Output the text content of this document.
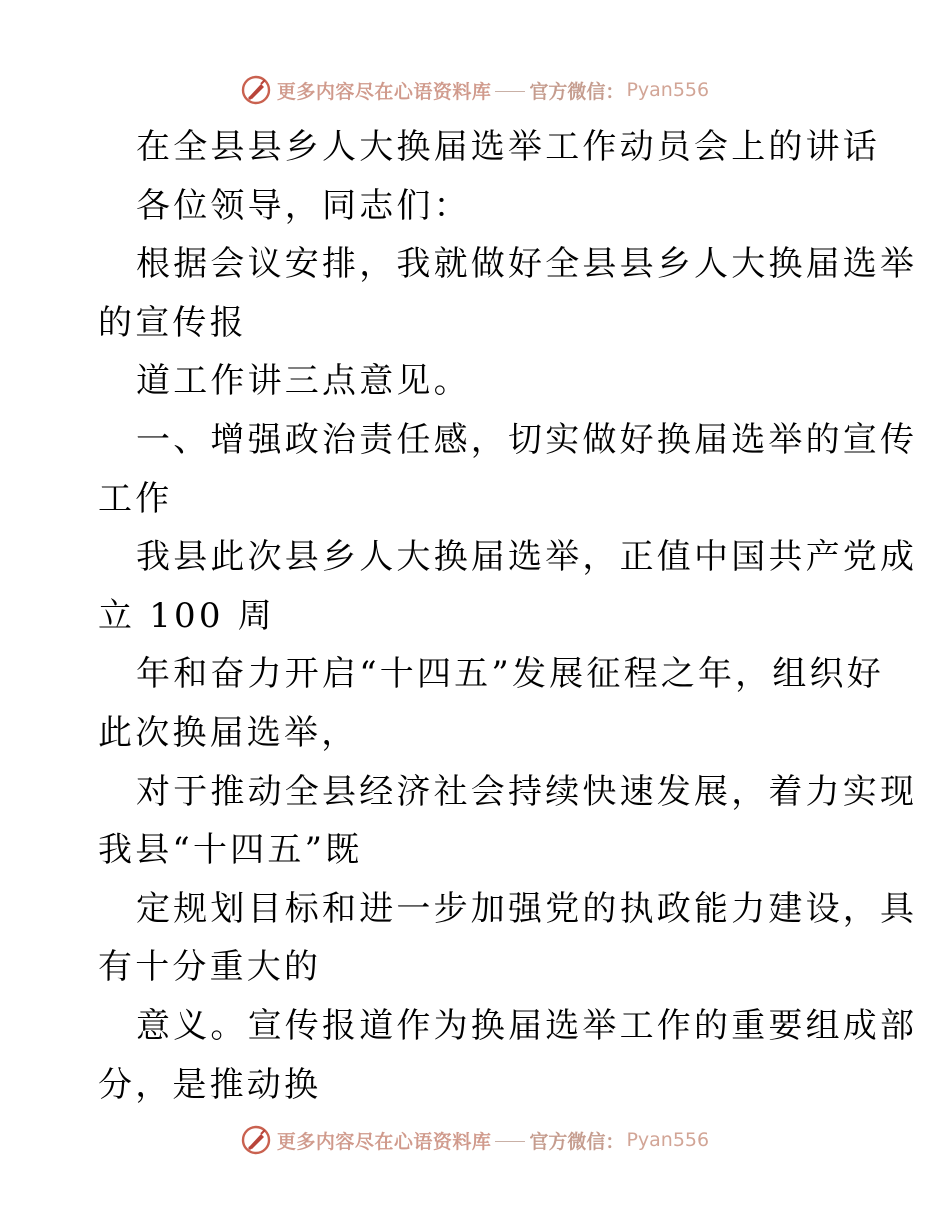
更多内容尽在心语资料库 官方微信： Pyan556
在全县县乡人大换届选举工作动员会上的讲话
各位领导，同志们：
根据会议安排，我就做好全县县乡人大换届选举
的宣传报
道工作讲三点意见。
一、增强政治责任感，切实做好换届选举的宣传
工作
我县此次县乡人大换届选举，正值中国共产党成
立 100 周
年和奋力开启“十四五”发展征程之年，组织好
此次换届选举，
对于推动全县经济社会持续快速发展，着力实现
我县“十四五”既
定规划目标和进一步加强党的执政能力建设，具
有十分重大的
意义。宣传报道作为换届选举工作的重要组成部
分，是推动换
更多内容尽在心语资料库 官方微信： Pyan556
